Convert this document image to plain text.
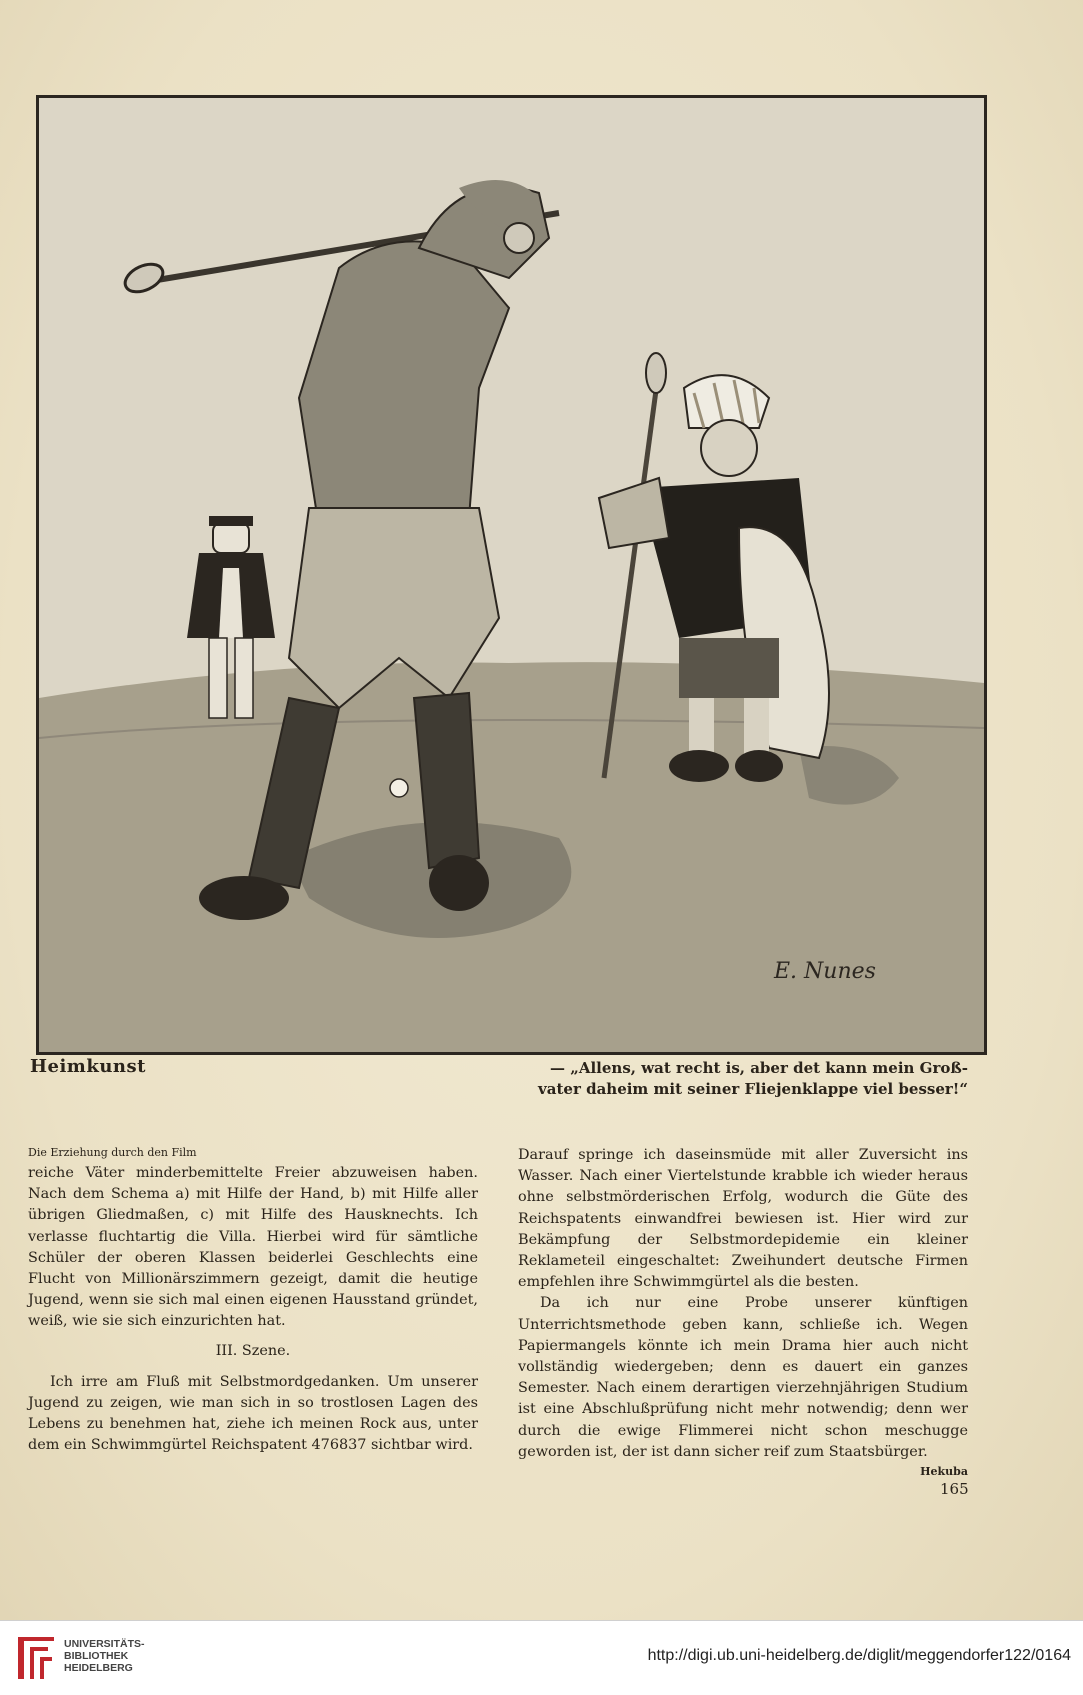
E. Nunes
Heimkunst	— „Allens, wat recht is, aber det kann mein Groß-
vater daheim mit seiner Fliejenklappe viel besser!“
Die Erziehung durch den Film

reiche Väter minderbemittelte Freier abzuweisen haben. Nach dem Schema a) mit Hilfe der Hand, b) mit Hilfe aller übrigen Gliedmaßen, c) mit Hilfe des Hausknechts. Ich verlasse fluchtartig die Villa. Hierbei wird für sämtliche Schüler der oberen Klassen beiderlei Geschlechts eine Flucht von Millionärszimmern gezeigt, damit die heutige Jugend, wenn sie sich mal einen eigenen Hausstand gründet, weiß, wie sie sich einzurichten hat.

III. Szene.

Ich irre am Fluß mit Selbstmordgedanken. Um unserer Jugend zu zeigen, wie man sich in so trostlosen Lagen des Lebens zu benehmen hat, ziehe ich meinen Rock aus, unter dem ein Schwimmgürtel Reichspatent 476837 sichtbar wird.

Darauf springe ich daseinsmüde mit aller Zuversicht ins Wasser. Nach einer Viertelstunde krabble ich wieder heraus ohne selbstmörderischen Erfolg, wodurch die Güte des Reichspatents einwandfrei bewiesen ist. Hier wird zur Bekämpfung der Selbstmordepidemie ein kleiner Reklameteil eingeschaltet: Zweihundert deutsche Firmen empfehlen ihre Schwimmgürtel als die besten.

Da ich nur eine Probe unserer künftigen Unterrichtsmethode geben kann, schließe ich. Wegen Papiermangels könnte ich mein Drama hier auch nicht vollständig wiedergeben; denn es dauert ein ganzes Semester. Nach einem derartigen vierzehnjährigen Studium ist eine Abschlußprüfung nicht mehr notwendig; denn wer durch die ewige Flimmerei nicht schon meschugge geworden ist, der ist dann sicher reif zum Staatsbürger.

Hekuba

165
UNIVERSITÄTS-
BIBLIOTHEK
HEIDELBERG
http://digi.ub.uni-heidelberg.de/diglit/meggendorfer122/0164
